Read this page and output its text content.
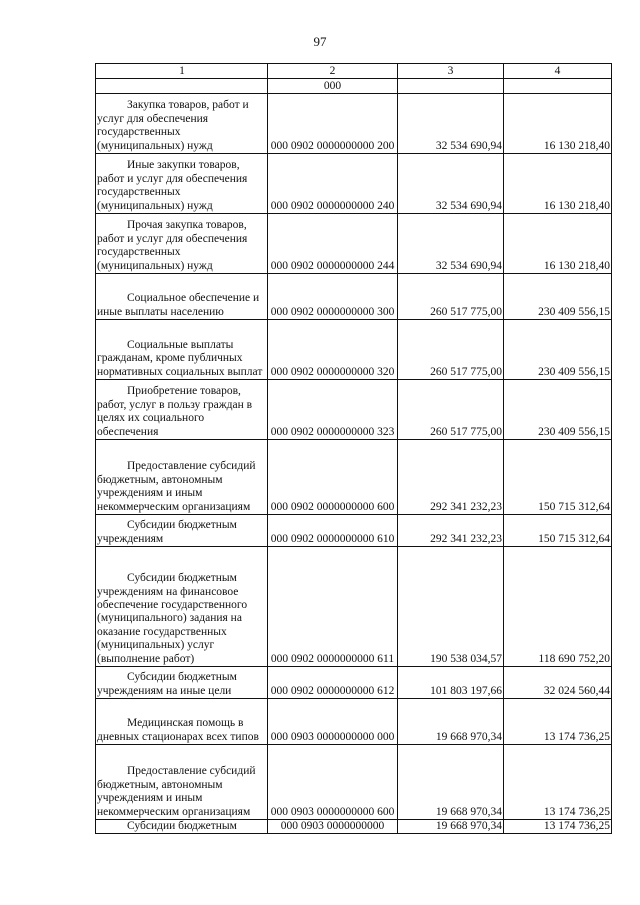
97
1	2	3	4
	000		
Закупка товаров, работ и услуг для обеспечения государственных (муниципальных) нужд	000 0902 0000000000 200	32 534 690,94	16 130 218,40
Иные закупки товаров, работ и услуг для обеспечения государственных (муниципальных) нужд	000 0902 0000000000 240	32 534 690,94	16 130 218,40
Прочая закупка товаров, работ и услуг для обеспечения государственных (муниципальных) нужд	000 0902 0000000000 244	32 534 690,94	16 130 218,40
Социальное обеспечение и иные выплаты населению	000 0902 0000000000 300	260 517 775,00	230 409 556,15
Социальные выплаты гражданам, кроме публичных нормативных социальных выплат	000 0902 0000000000 320	260 517 775,00	230 409 556,15
Приобретение товаров, работ, услуг в пользу граждан в целях их социального обеспечения	000 0902 0000000000 323	260 517 775,00	230 409 556,15
Предоставление субсидий бюджетным, автономным учреждениям и иным некоммерческим организациям	000 0902 0000000000 600	292 341 232,23	150 715 312,64
Субсидии бюджетным учреждениям	000 0902 0000000000 610	292 341 232,23	150 715 312,64
Субсидии бюджетным учреждениям на финансовое обеспечение государственного (муниципального) задания на оказание государственных (муниципальных) услуг (выполнение работ)	000 0902 0000000000 611	190 538 034,57	118 690 752,20
Субсидии бюджетным учреждениям на иные цели	000 0902 0000000000 612	101 803 197,66	32 024 560,44
Медицинская помощь в дневных стационарах всех типов	000 0903 0000000000 000	19 668 970,34	13 174 736,25
Предоставление субсидий бюджетным, автономным учреждениям и иным некоммерческим организациям	000 0903 0000000000 600	19 668 970,34	13 174 736,25
Субсидии бюджетным	000 0903 0000000000	19 668 970,34	13 174 736,25
